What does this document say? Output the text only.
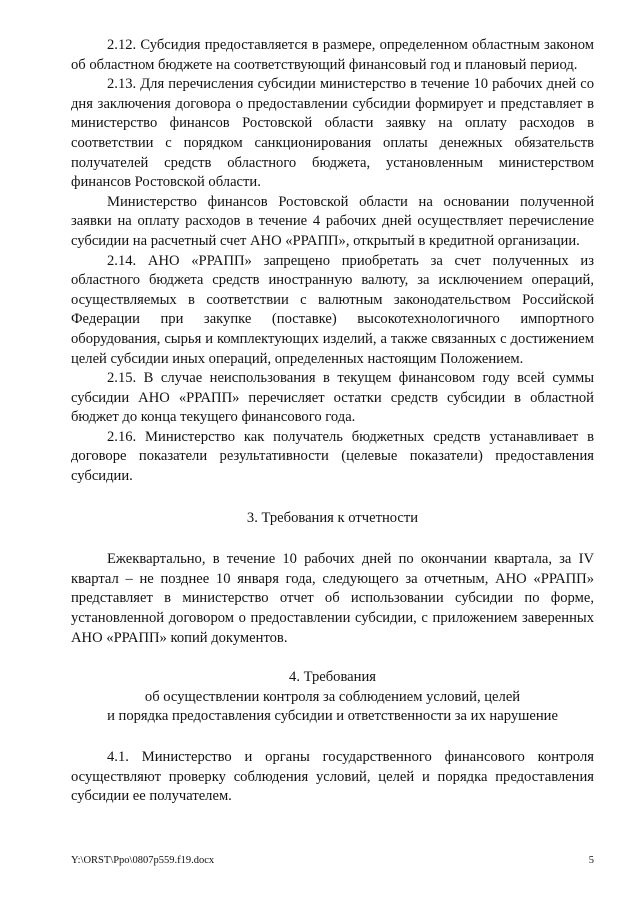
2.12. Субсидия предоставляется в размере, определенном областным законом об областном бюджете на соответствующий финансовый год и плановый период.

2.13. Для перечисления субсидии министерство в течение 10 рабочих дней со дня заключения договора о предоставлении субсидии формирует и представляет в министерство финансов Ростовской области заявку на оплату расходов в соответствии с порядком санкционирования оплаты денежных обязательств получателей средств областного бюджета, установленным министерством финансов Ростовской области.

Министерство финансов Ростовской области на основании полученной заявки на оплату расходов в течение 4 рабочих дней осуществляет перечисление субсидии на расчетный счет АНО «РРАПП», открытый в кредитной организации.

2.14. АНО «РРАПП» запрещено приобретать за счет полученных из областного бюджета средств иностранную валюту, за исключением операций, осуществляемых в соответствии с валютным законодательством Российской Федерации при закупке (поставке) высокотехнологичного импортного оборудования, сырья и комплектующих изделий, а также связанных с достижением целей субсидии иных операций, определенных настоящим Положением.

2.15. В случае неиспользования в текущем финансовом году всей суммы субсидии АНО «РРАПП» перечисляет остатки средств субсидии в областной бюджет до конца текущего финансового года.

2.16. Министерство как получатель бюджетных средств устанавливает в договоре показатели результативности (целевые показатели) предоставления субсидии.

3. Требования к отчетности

Ежеквартально, в течение 10 рабочих дней по окончании квартала, за IV квартал – не позднее 10 января года, следующего за отчетным, АНО «РРАПП» представляет в министерство отчет об использовании субсидии по форме, установленной договором о предоставлении субсидии, с приложением заверенных АНО «РРАПП» копий документов.

4. Требования
об осуществлении контроля за соблюдением условий, целей
и порядка предоставления субсидии и ответственности за их нарушение

4.1. Министерство и органы государственного финансового контроля осуществляют проверку соблюдения условий, целей и порядка предоставления субсидии ее получателем.

Y:\ORST\Ppo\0807p559.f19.docx	5
